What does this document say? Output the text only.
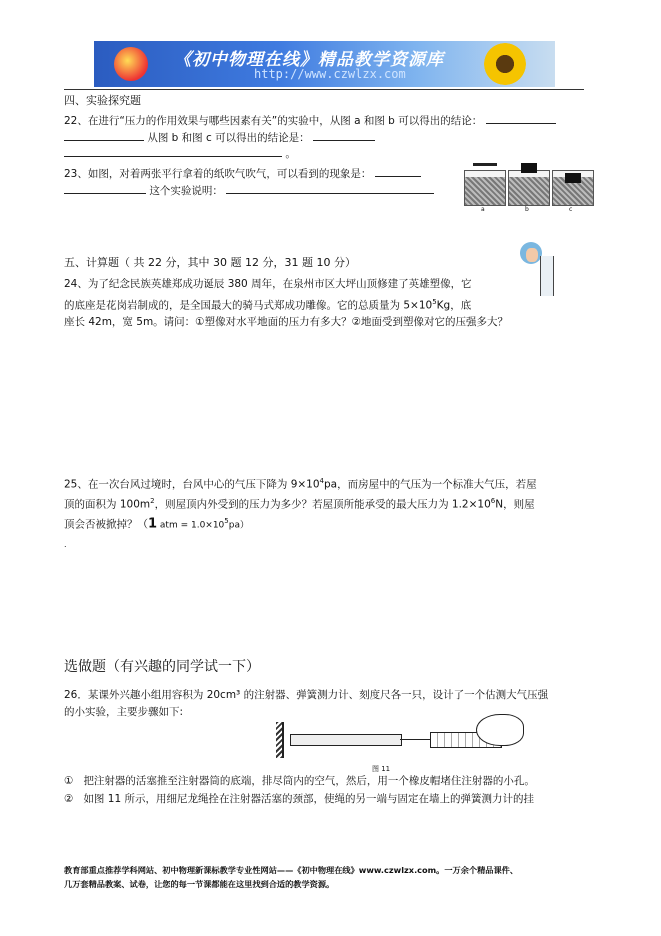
《初中物理在线》精品教学资源库
http://www.czwlzx.com
四、实验探究题
22、在进行“压力的作用效果与哪些因素有关”的实验中，从图 a 和图 b 可以得出的结论：
从图 b 和图 c 可以得出的结论是：
。
23、如图，对着两张平行拿着的纸吹气吹气，可以看到的现象是：
这个实验说明：
a	b	c
五、计算题（ 共 22 分，其中 30 题 12 分，31 题 10 分）
24、为了纪念民族英雄郑成功诞辰 380 周年，在泉州市区大坪山顶修建了英雄塑像，它
的底座是花岗岩制成的，是全国最大的骑马式郑成功雕像。它的总质量为 $5\times 10^5Kg$，底
座长 42m，宽 5m。请问：①塑像对水平地面的压力有多大？②地面受到塑像对它的压强多大？
25、在一次台风过境时，台风中心的气压下降为 $9\times 10^4pa$，而房屋中的气压为一个标准大气压，若屋
顶的面积为 $100m^2$，则屋顶内外受到的压力为多少？若屋顶所能承受的最大压力为 $1.2\times 10^6N$，则屋
顶会否被掀掉？（1 atm = $1.0\times 10^5pa$）
.
选做题（有兴趣的同学试一下）
26．某课外兴趣小组用容积为 20cm³ 的注射器、弹簧测力计、刻度尺各一只，设计了一个估测大气压强
的小实验，主要步骤如下:
图 11
① 把注射器的活塞推至注射器筒的底端，排尽筒内的空气，然后，用一个橡皮帽堵住注射器的小孔。
② 如图 11 所示，用细尼龙绳拴在注射器活塞的颈部，使绳的另一端与固定在墙上的弹簧测力计的挂
教育部重点推荐学科网站、初中物理新课标教学专业性网站——《初中物理在线》www.czwlzx.com。一万余个精品课件、
几万套精品教案、试卷，让您的每一节课都能在这里找到合适的教学资源。
